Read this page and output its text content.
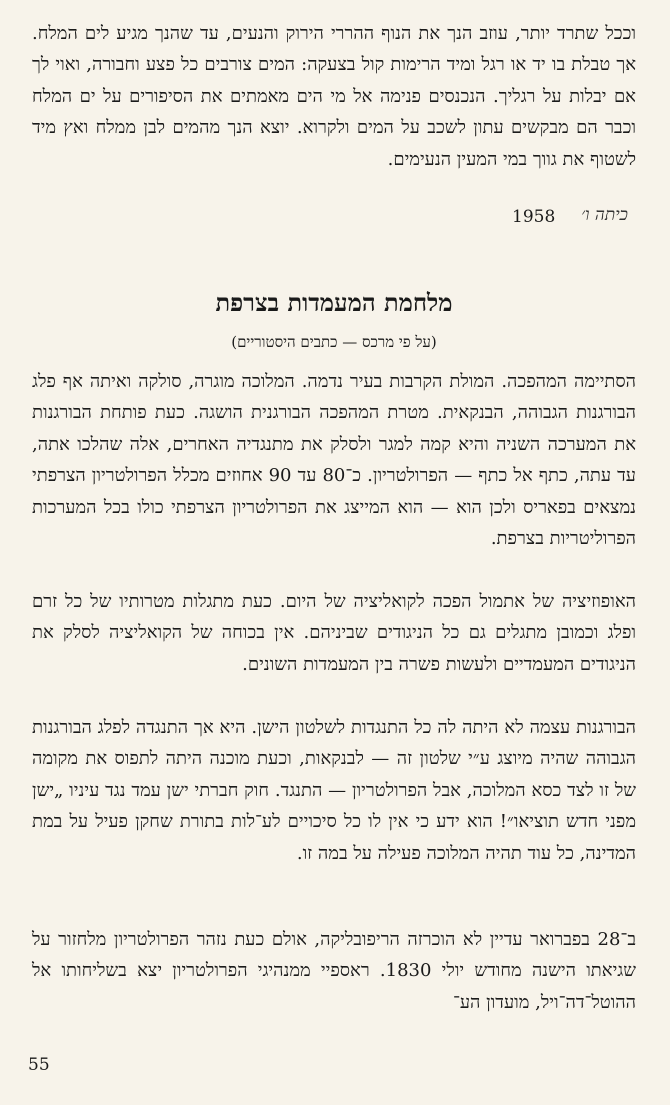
וככל שתרד יותר, עוזב הנך את הנוף ההררי הירוק והנעים, עד שהנך מגיע לים המלח. אך טבלת בו יד או רגל ומיד הרימות קול בצעקה: המים צורבים כל פצע וחבורה, ואוי לך אם יבלות על רגליך. הנכנסים פנימה אל מי הים מאמתים את הסיפורים על ים המלח וכבר הם מבקשים עתון לשכב על המים ולקרוא. יוצא הנך מהמים לבן ממלח ואץ מיד לשטוף את גווך במי המעין הנעימים.

כיתה ו׳
1958
מלחמת המעמדות בצרפת

(על פי מרכס — כתבים היסטוריים)

הסתיימה המהפכה. המולת הקרבות בעיר נדמה. המלוכה מוגרה, סולקה ואיתה אף פלג הבורגנות הגבוהה, הבנקאית. מטרת המהפכה הבורגנית הושגה. כעת פותחת הבורגנות את המערכה השניה והיא קמה למגר ולסלק את מתנגדיה האחרים, אלה שהלכו אתה, עד עתה, כתף אל כתף — הפרולטריון. כ־80 עד 90 אחוזים מכלל הפרולטריון הצרפתי נמצאים בפאריס ולכן הוא — הוא המייצג את הפרולטריון הצרפתי כולו בכל המערכות הפרוליטריות בצרפת.

האופוזיציה של אתמול הפכה לקואליציה של היום. כעת מתגלות מטרותיו של כל זרם ופלג וכמובן מתגלים גם כל הניגודים שביניהם. אין בכוחה של הקואליציה לסלק את הניגודים המעמדיים ולעשות פשרה בין המעמדות השונים.

הבורגנות עצמה לא היתה לה כל התנגדות לשלטון הישן. היא אך התנגדה לפלג הבורגנות הגבוהה שהיה מיוצג ע״י שלטון זה — לבנקאות, וכעת מוכנה היתה לתפוס את מקומה של זו לצד כסא המלוכה, אבל הפרולטריון — התנגד. חוק חברתי ישן עמד נגד עיניו „ישן מפני חדש תוציאו״! הוא ידע כי אין לו כל סיכויים לע־לות בתורת שחקן פעיל על במת המדינה, כל עוד תהיה המלוכה פעילה על במה זו.

ב־28 בפברואר עדיין לא הוכרזה הריפובליקה, אולם כעת נזהר הפרולטריון מלחזור על שגיאתו הישנה מחודש יולי 1830. ראספיי ממנהיגי הפרולטריון יצא בשליחותו אל ההוטל־דה־ויל, מועדון הע־

55
